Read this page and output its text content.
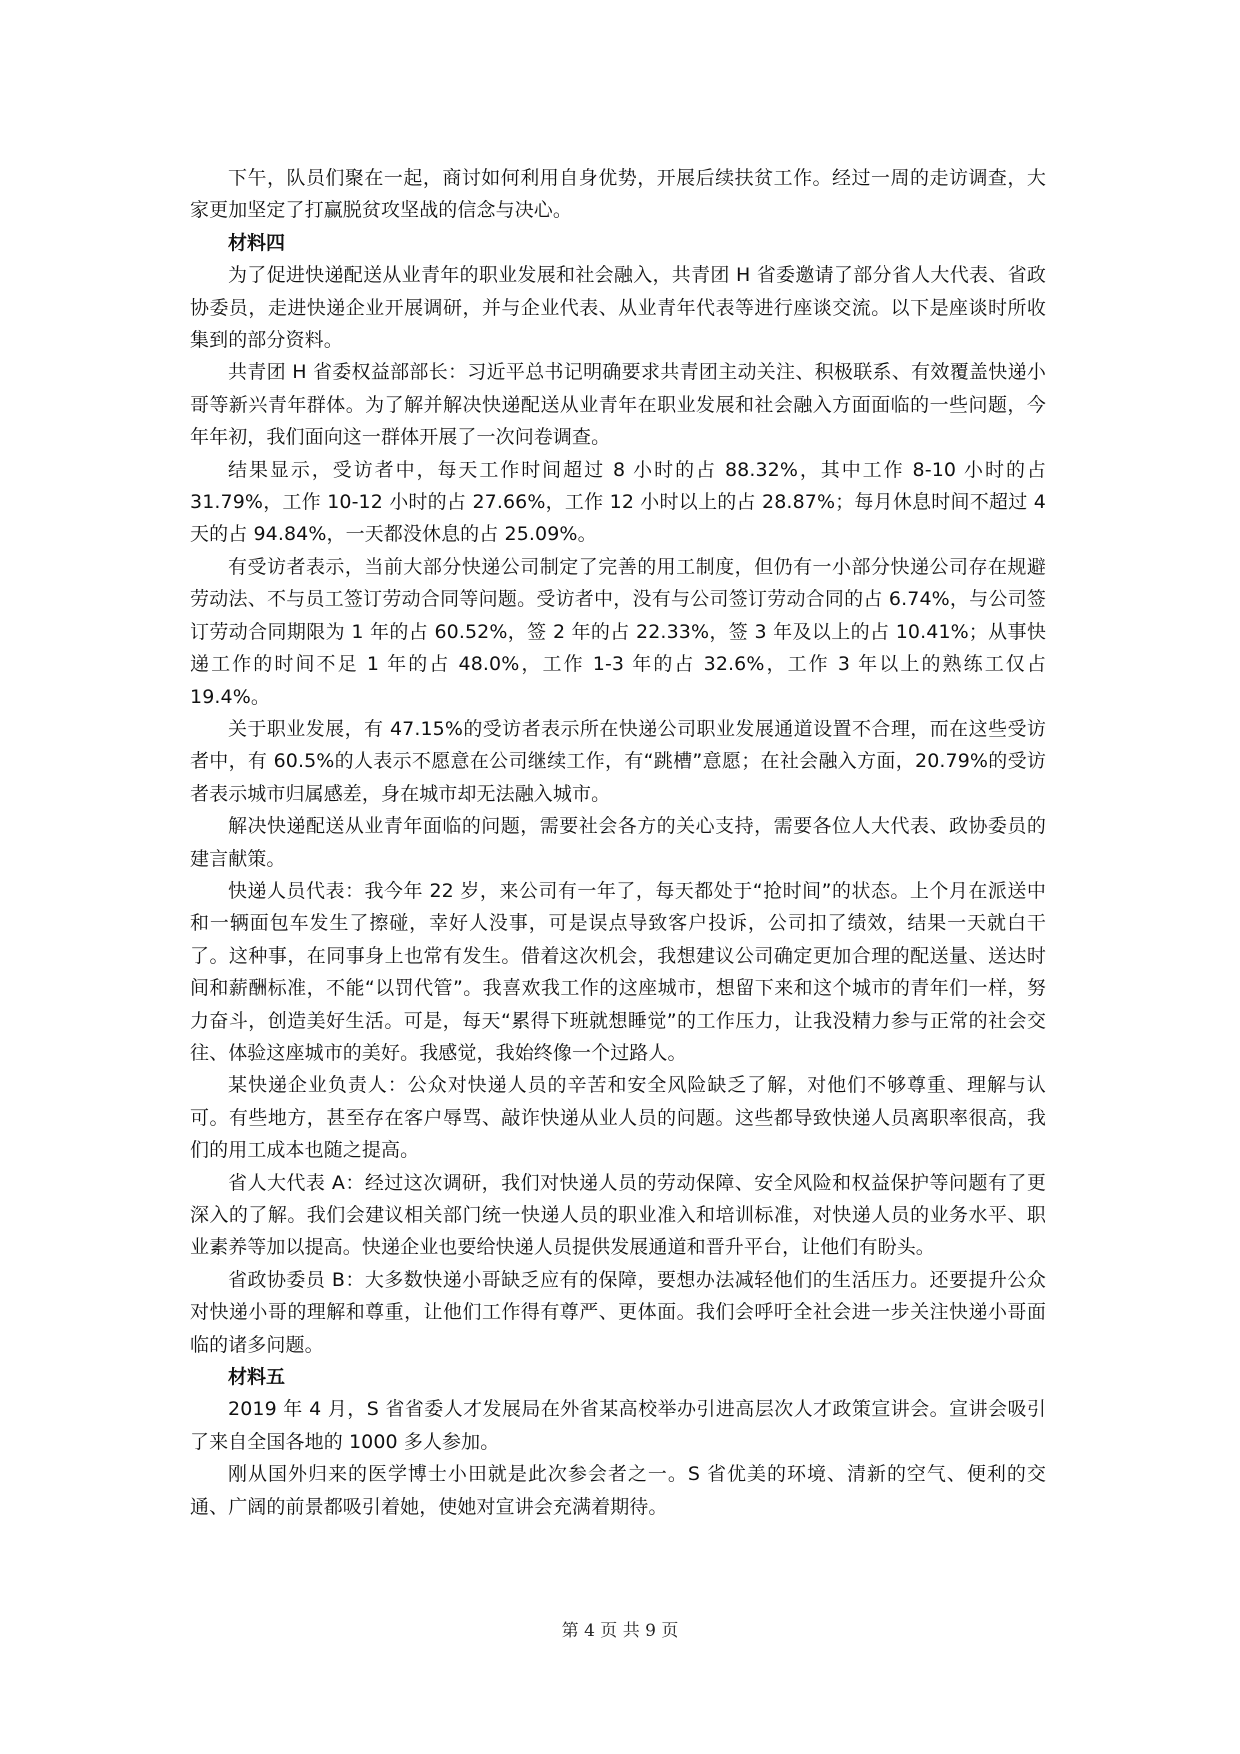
下午，队员们聚在一起，商讨如何利用自身优势，开展后续扶贫工作。经过一周的走访调查，大家更加坚定了打赢脱贫攻坚战的信念与决心。

材料四

为了促进快递配送从业青年的职业发展和社会融入，共青团 H 省委邀请了部分省人大代表、省政协委员，走进快递企业开展调研，并与企业代表、从业青年代表等进行座谈交流。以下是座谈时所收集到的部分资料。

共青团 H 省委权益部部长：习近平总书记明确要求共青团主动关注、积极联系、有效覆盖快递小哥等新兴青年群体。为了解并解决快递配送从业青年在职业发展和社会融入方面面临的一些问题，今年年初，我们面向这一群体开展了一次问卷调查。

结果显示，受访者中，每天工作时间超过 8 小时的占 88.32%，其中工作 8-10 小时的占 31.79%，工作 10-12 小时的占 27.66%，工作 12 小时以上的占 28.87%；每月休息时间不超过 4 天的占 94.84%，一天都没休息的占 25.09%。

有受访者表示，当前大部分快递公司制定了完善的用工制度，但仍有一小部分快递公司存在规避劳动法、不与员工签订劳动合同等问题。受访者中，没有与公司签订劳动合同的占 6.74%，与公司签订劳动合同期限为 1 年的占 60.52%，签 2 年的占 22.33%，签 3 年及以上的占 10.41%；从事快递工作的时间不足 1 年的占 48.0%，工作 1-3 年的占 32.6%，工作 3 年以上的熟练工仅占 19.4%。

关于职业发展，有 47.15%的受访者表示所在快递公司职业发展通道设置不合理，而在这些受访者中，有 60.5%的人表示不愿意在公司继续工作，有“跳槽”意愿；在社会融入方面，20.79%的受访者表示城市归属感差，身在城市却无法融入城市。

解决快递配送从业青年面临的问题，需要社会各方的关心支持，需要各位人大代表、政协委员的建言献策。

快递人员代表：我今年 22 岁，来公司有一年了，每天都处于“抢时间”的状态。上个月在派送中和一辆面包车发生了擦碰，幸好人没事，可是误点导致客户投诉，公司扣了绩效，结果一天就白干了。这种事，在同事身上也常有发生。借着这次机会，我想建议公司确定更加合理的配送量、送达时间和薪酬标准，不能“以罚代管”。我喜欢我工作的这座城市，想留下来和这个城市的青年们一样，努力奋斗，创造美好生活。可是，每天“累得下班就想睡觉”的工作压力，让我没精力参与正常的社会交往、体验这座城市的美好。我感觉，我始终像一个过路人。

某快递企业负责人：公众对快递人员的辛苦和安全风险缺乏了解，对他们不够尊重、理解与认可。有些地方，甚至存在客户辱骂、敲诈快递从业人员的问题。这些都导致快递人员离职率很高，我们的用工成本也随之提高。

省人大代表 A：经过这次调研，我们对快递人员的劳动保障、安全风险和权益保护等问题有了更深入的了解。我们会建议相关部门统一快递人员的职业准入和培训标准，对快递人员的业务水平、职业素养等加以提高。快递企业也要给快递人员提供发展通道和晋升平台，让他们有盼头。

省政协委员 B：大多数快递小哥缺乏应有的保障，要想办法减轻他们的生活压力。还要提升公众对快递小哥的理解和尊重，让他们工作得有尊严、更体面。我们会呼吁全社会进一步关注快递小哥面临的诸多问题。

材料五

2019 年 4 月，S 省省委人才发展局在外省某高校举办引进高层次人才政策宣讲会。宣讲会吸引了来自全国各地的 1000 多人参加。

刚从国外归来的医学博士小田就是此次参会者之一。S 省优美的环境、清新的空气、便利的交通、广阔的前景都吸引着她，使她对宣讲会充满着期待。

第 4 页 共 9 页
